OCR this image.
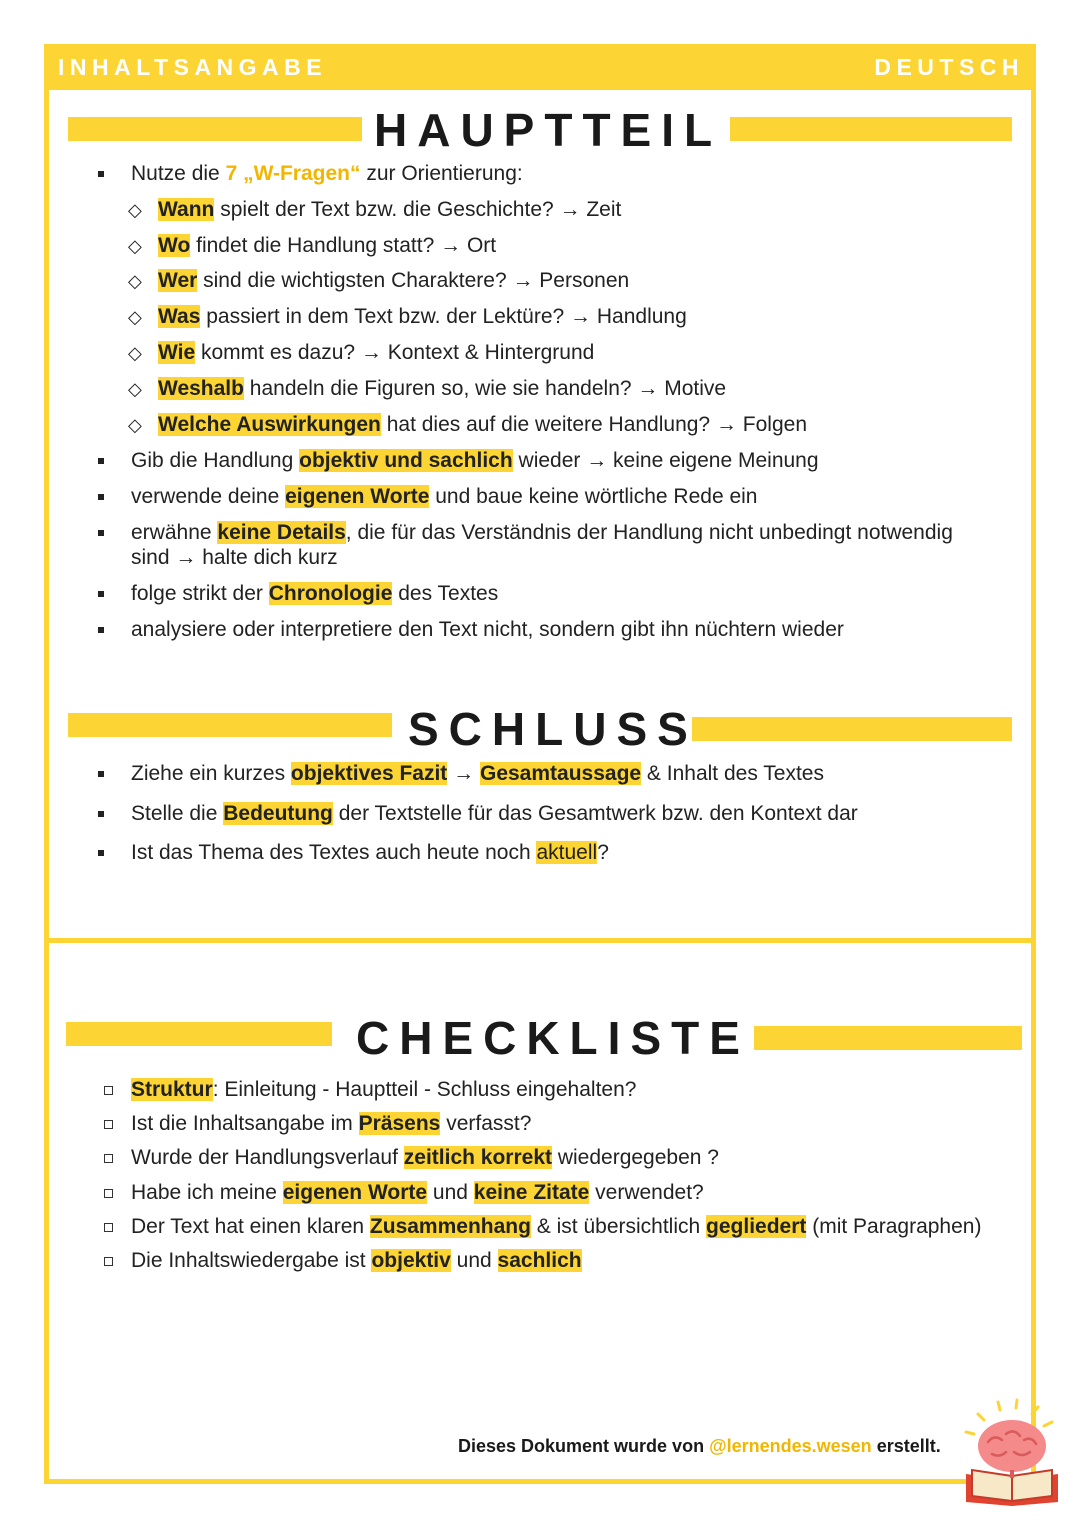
INHALTSANGABE	DEUTSCH
HAUPTTEIL
Nutze die 7 „W-Fragen“ zur Orientierung:
◇ Wann spielt der Text bzw. die Geschichte? → Zeit
◇ Wo findet die Handlung statt? → Ort
◇ Wer sind die wichtigsten Charaktere? → Personen
◇ Was passiert in dem Text bzw. der Lektüre? → Handlung
◇ Wie kommt es dazu? → Kontext & Hintergrund
◇ Weshalb handeln die Figuren so, wie sie handeln? → Motive
◇ Welche Auswirkungen hat dies auf die weitere Handlung? → Folgen
Gib die Handlung objektiv und sachlich wieder → keine eigene Meinung
verwende deine eigenen Worte und baue keine wörtliche Rede ein
erwähne keine Details, die für das Verständnis der Handlung nicht unbedingt notwendig
sind → halte dich kurz
folge strikt der Chronologie des Textes
analysiere oder interpretiere den Text nicht, sondern gibt ihn nüchtern wieder
SCHLUSS
Ziehe ein kurzes objektives Fazit → Gesamtaussage & Inhalt des Textes
Stelle die Bedeutung der Textstelle für das Gesamtwerk bzw. den Kontext dar
Ist das Thema des Textes auch heute noch aktuell?
CHECKLISTE
Struktur: Einleitung - Hauptteil - Schluss eingehalten?
Ist die Inhaltsangabe im Präsens verfasst?
Wurde der Handlungsverlauf zeitlich korrekt wiedergegeben ?
Habe ich meine eigenen Worte und keine Zitate verwendet?
Der Text hat einen klaren Zusammenhang & ist übersichtlich gegliedert (mit Paragraphen)
Die Inhaltswiedergabe ist objektiv und sachlich
Dieses Dokument wurde von @lernendes.wesen erstellt.
